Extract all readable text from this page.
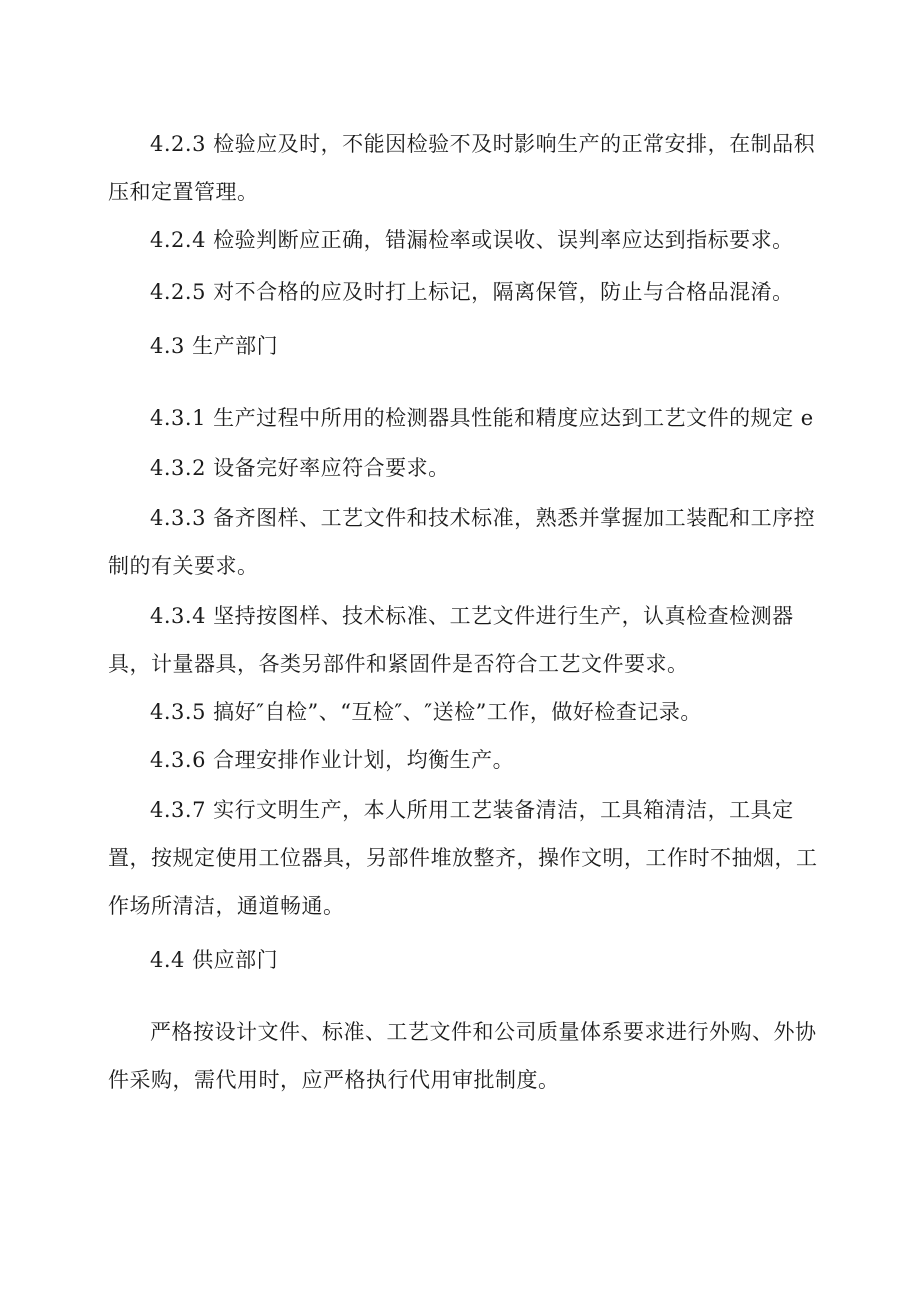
4.2.3 检验应及时，不能因检验不及时影响生产的正常安排，在制品积压和定置管理。

4.2.4 检验判断应正确，错漏检率或误收、误判率应达到指标要求。

4.2.5 对不合格的应及时打上标记，隔离保管，防止与合格品混淆。

4.3 生产部门

4.3.1 生产过程中所用的检测器具性能和精度应达到工艺文件的规定 e

4.3.2 设备完好率应符合要求。

4.3.3 备齐图样、工艺文件和技术标准，熟悉并掌握加工装配和工序控制的有关要求。

4.3.4 坚持按图样、技术标准、工艺文件进行生产，认真检查检测器具，计量器具，各类另部件和紧固件是否符合工艺文件要求。

4.3.5 搞好″自检”、“互检″、″送检”工作，做好检查记录。

4.3.6 合理安排作业计划，均衡生产。

4.3.7 实行文明生产，本人所用工艺装备清洁，工具箱清洁，工具定置，按规定使用工位器具，另部件堆放整齐，操作文明，工作时不抽烟，工作场所清洁，通道畅通。

4.4 供应部门

严格按设计文件、标准、工艺文件和公司质量体系要求进行外购、外协件采购，需代用时，应严格执行代用审批制度。
